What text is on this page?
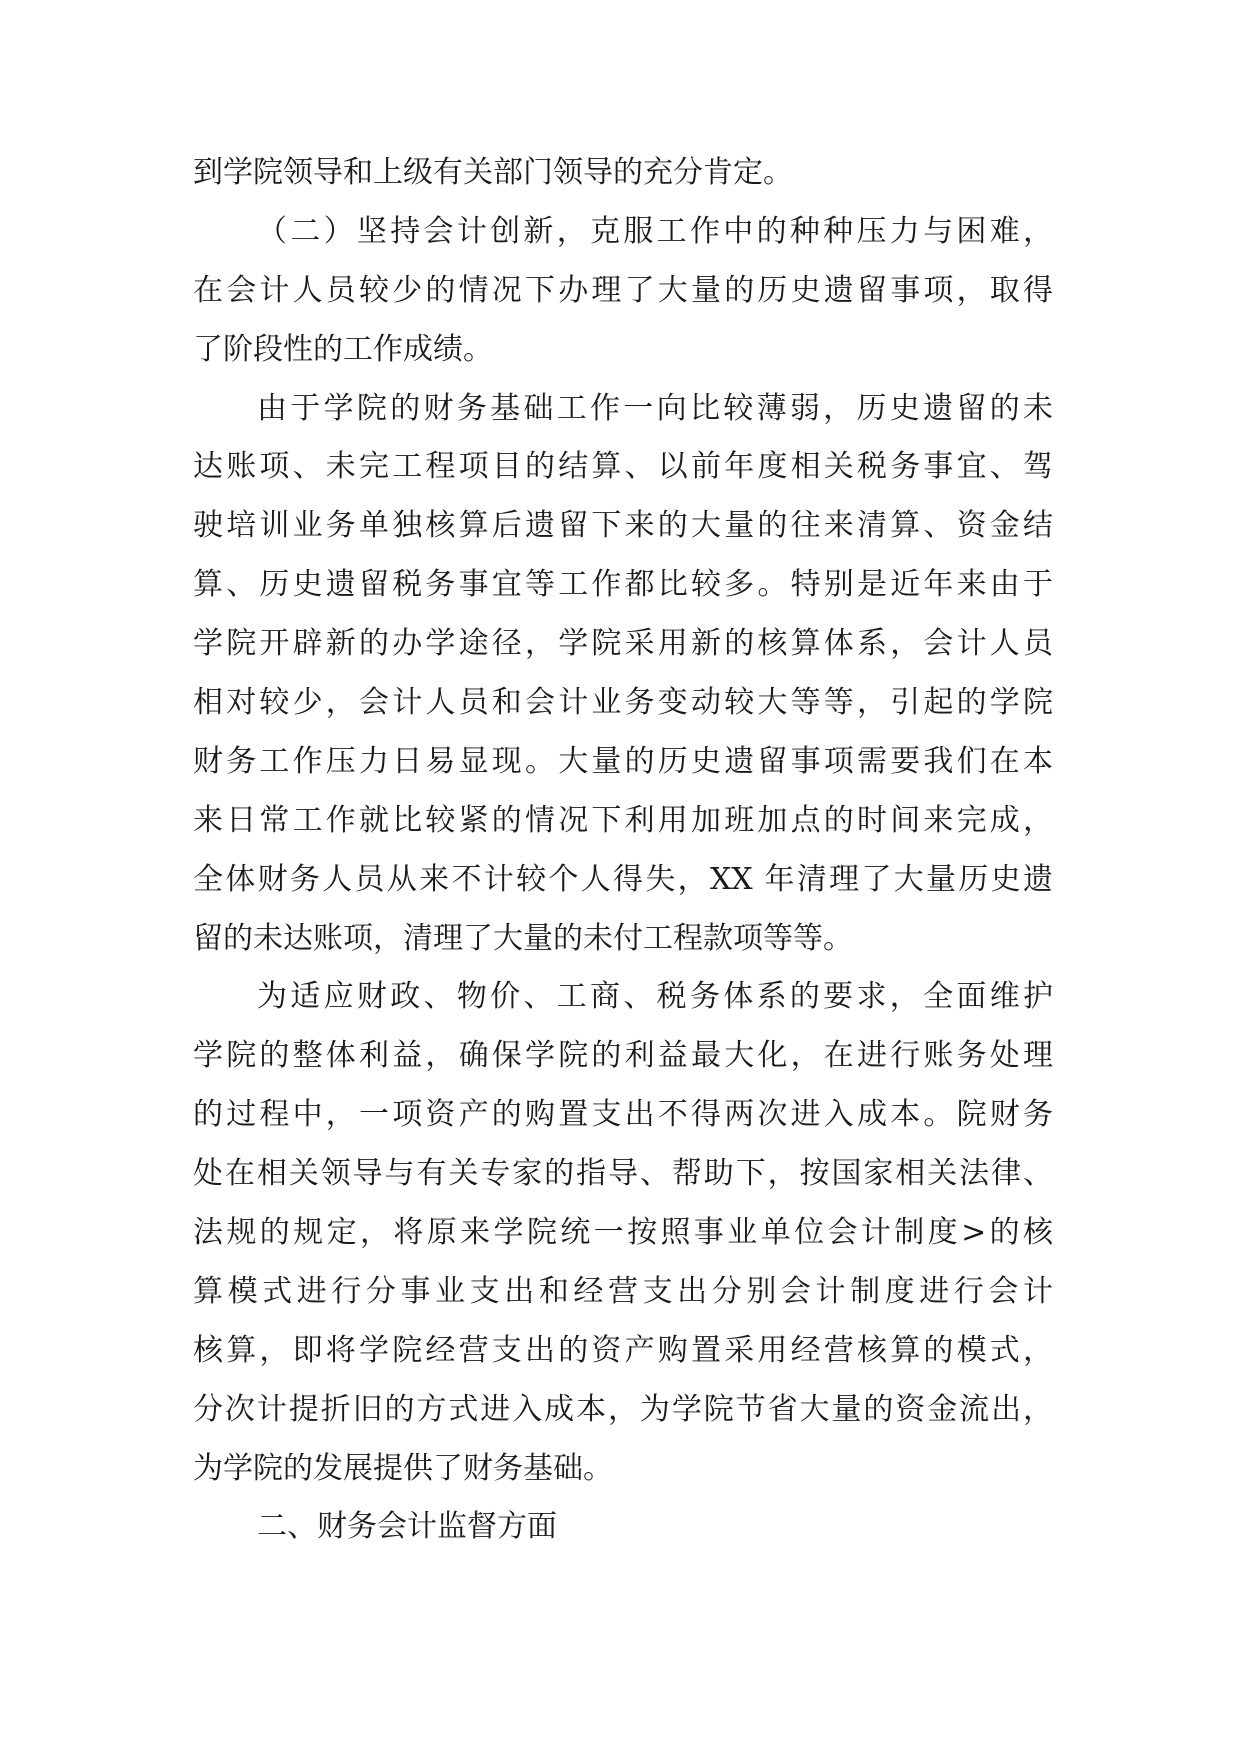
到学院领导和上级有关部门领导的充分肯定。
（二）坚持会计创新，克服工作中的种种压力与困难，
在会计人员较少的情况下办理了大量的历史遗留事项，取得
了阶段性的工作成绩。
由于学院的财务基础工作一向比较薄弱，历史遗留的未
达账项、未完工程项目的结算、以前年度相关税务事宜、驾
驶培训业务单独核算后遗留下来的大量的往来清算、资金结
算、历史遗留税务事宜等工作都比较多。特别是近年来由于
学院开辟新的办学途径，学院采用新的核算体系，会计人员
相对较少，会计人员和会计业务变动较大等等，引起的学院
财务工作压力日易显现。大量的历史遗留事项需要我们在本
来日常工作就比较紧的情况下利用加班加点的时间来完成，
全体财务人员从来不计较个人得失，XX 年清理了大量历史遗
留的未达账项，清理了大量的未付工程款项等等。
为适应财政、物价、工商、税务体系的要求，全面维护
学院的整体利益，确保学院的利益最大化，在进行账务处理
的过程中，一项资产的购置支出不得两次进入成本。院财务
处在相关领导与有关专家的指导、帮助下，按国家相关法律、
法规的规定，将原来学院统一按照事业单位会计制度>的核
算模式进行分事业支出和经营支出分别会计制度进行会计
核算，即将学院经营支出的资产购置采用经营核算的模式，
分次计提折旧的方式进入成本，为学院节省大量的资金流出，
为学院的发展提供了财务基础。
二、财务会计监督方面
